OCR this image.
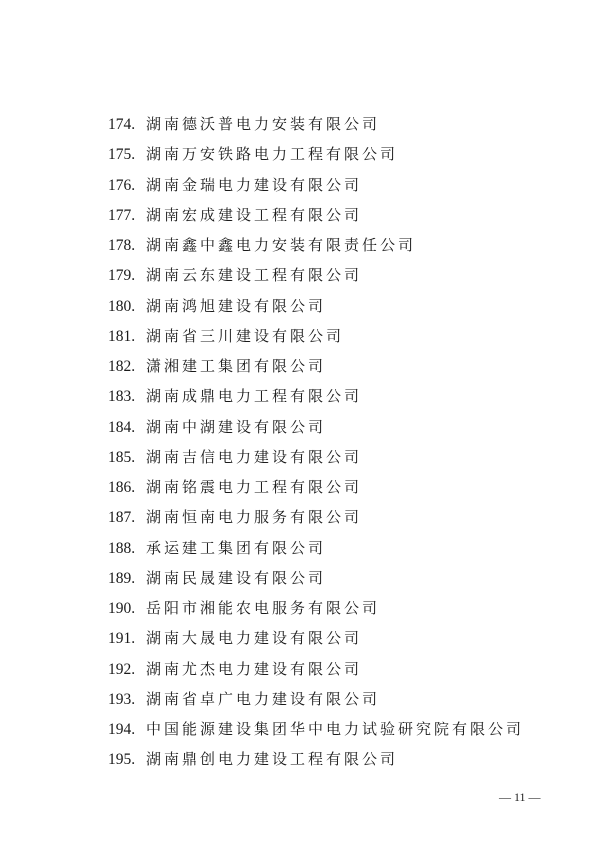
174. 湖南德沃普电力安装有限公司
175. 湖南万安铁路电力工程有限公司
176. 湖南金瑞电力建设有限公司
177. 湖南宏成建设工程有限公司
178. 湖南鑫中鑫电力安装有限责任公司
179. 湖南云东建设工程有限公司
180. 湖南鸿旭建设有限公司
181. 湖南省三川建设有限公司
182. 潇湘建工集团有限公司
183. 湖南成鼎电力工程有限公司
184. 湖南中湖建设有限公司
185. 湖南吉信电力建设有限公司
186. 湖南铭震电力工程有限公司
187. 湖南恒南电力服务有限公司
188. 承运建工集团有限公司
189. 湖南民晟建设有限公司
190. 岳阳市湘能农电服务有限公司
191. 湖南大晟电力建设有限公司
192. 湖南尤杰电力建设有限公司
193. 湖南省卓广电力建设有限公司
194. 中国能源建设集团华中电力试验研究院有限公司
195. 湖南鼎创电力建设工程有限公司
— 11 —
